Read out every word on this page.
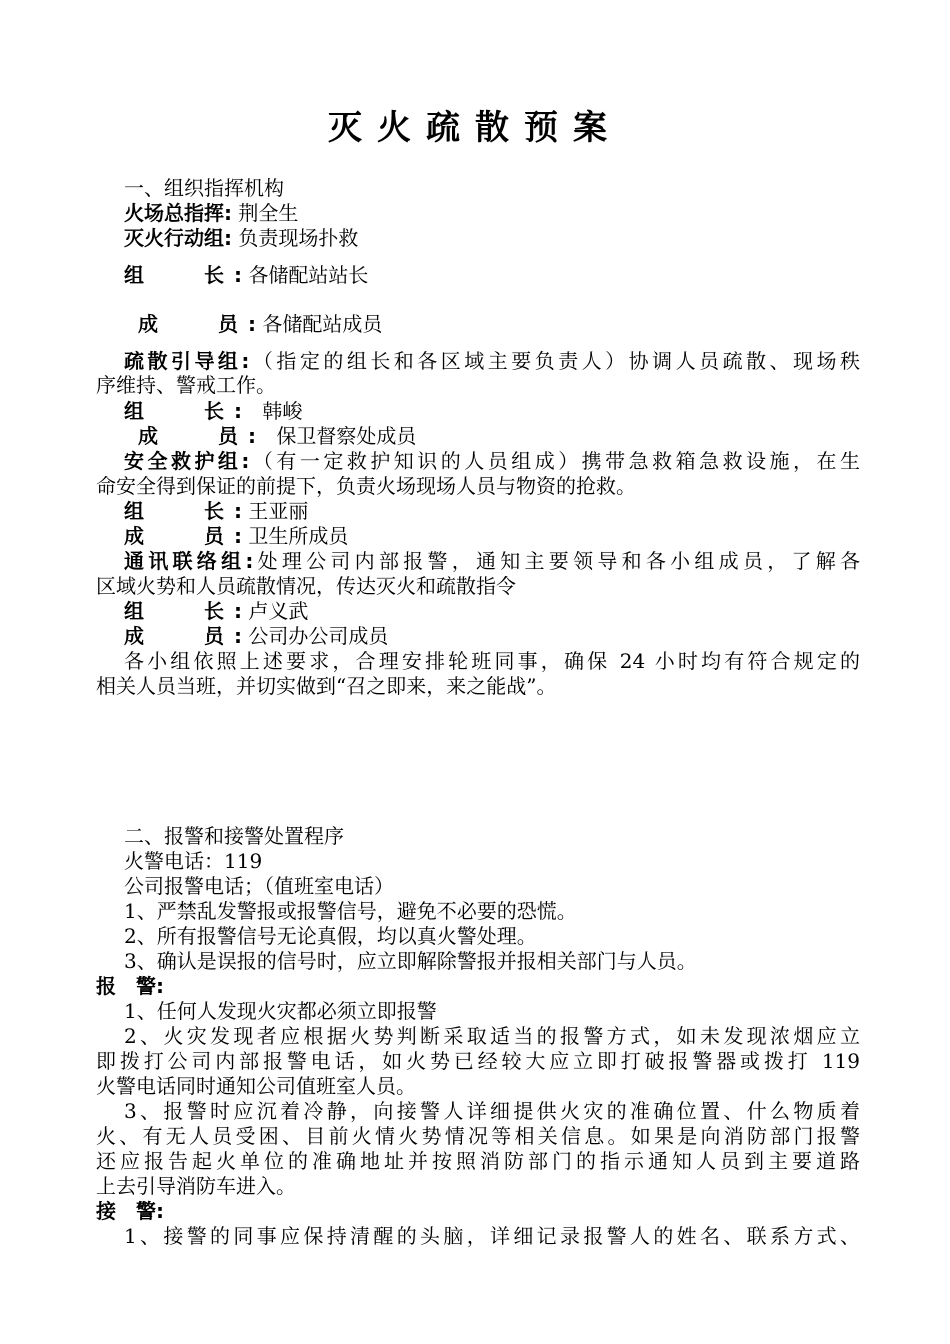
灭火疏散预案
一、组织指挥机构
火场总指挥: 荆全生
灭火行动组: 负责现场扑救
组　　　长 : 各储配站站长
成　　　员 : 各储配站成员
疏散引导组:（指定的组长和各区域主要负责人）协调人员疏散、现场秩
序维持、警戒工作。
组　　　长 : 韩峻
成　　　员 : 保卫督察处成员
安全救护组:（有一定救护知识的人员组成）携带急救箱急救设施，在生
命安全得到保证的前提下，负责火场现场人员与物资的抢救。
组　　　长 : 王亚丽
成　　　员 : 卫生所成员
通讯联络组:处理公司内部报警，通知主要领导和各小组成员，了解各
区域火势和人员疏散情况，传达灭火和疏散指令
组　　　长 : 卢义武
成　　　员 : 公司办公司成员
各小组依照上述要求，合理安排轮班同事，确保 24 小时均有符合规定的
相关人员当班，并切实做到“召之即来，来之能战”。
二、报警和接警处置程序
火警电话：119
公司报警电话；（值班室电话）
1、严禁乱发警报或报警信号，避免不必要的恐慌。
2、所有报警信号无论真假，均以真火警处理。
3、确认是误报的信号时，应立即解除警报并报相关部门与人员。
报　警:
1、任何人发现火灾都必须立即报警
2、火灾发现者应根据火势判断采取适当的报警方式，如未发现浓烟应立
即拨打公司内部报警电话，如火势已经较大应立即打破报警器或拨打 119
火警电话同时通知公司值班室人员。
3、报警时应沉着冷静，向接警人详细提供火灾的准确位置、什么物质着
火、有无人员受困、目前火情火势情况等相关信息。如果是向消防部门报警
还应报告起火单位的准确地址并按照消防部门的指示通知人员到主要道路
上去引导消防车进入。
接　警:
1、接警的同事应保持清醒的头脑，详细记录报警人的姓名、联系方式、
